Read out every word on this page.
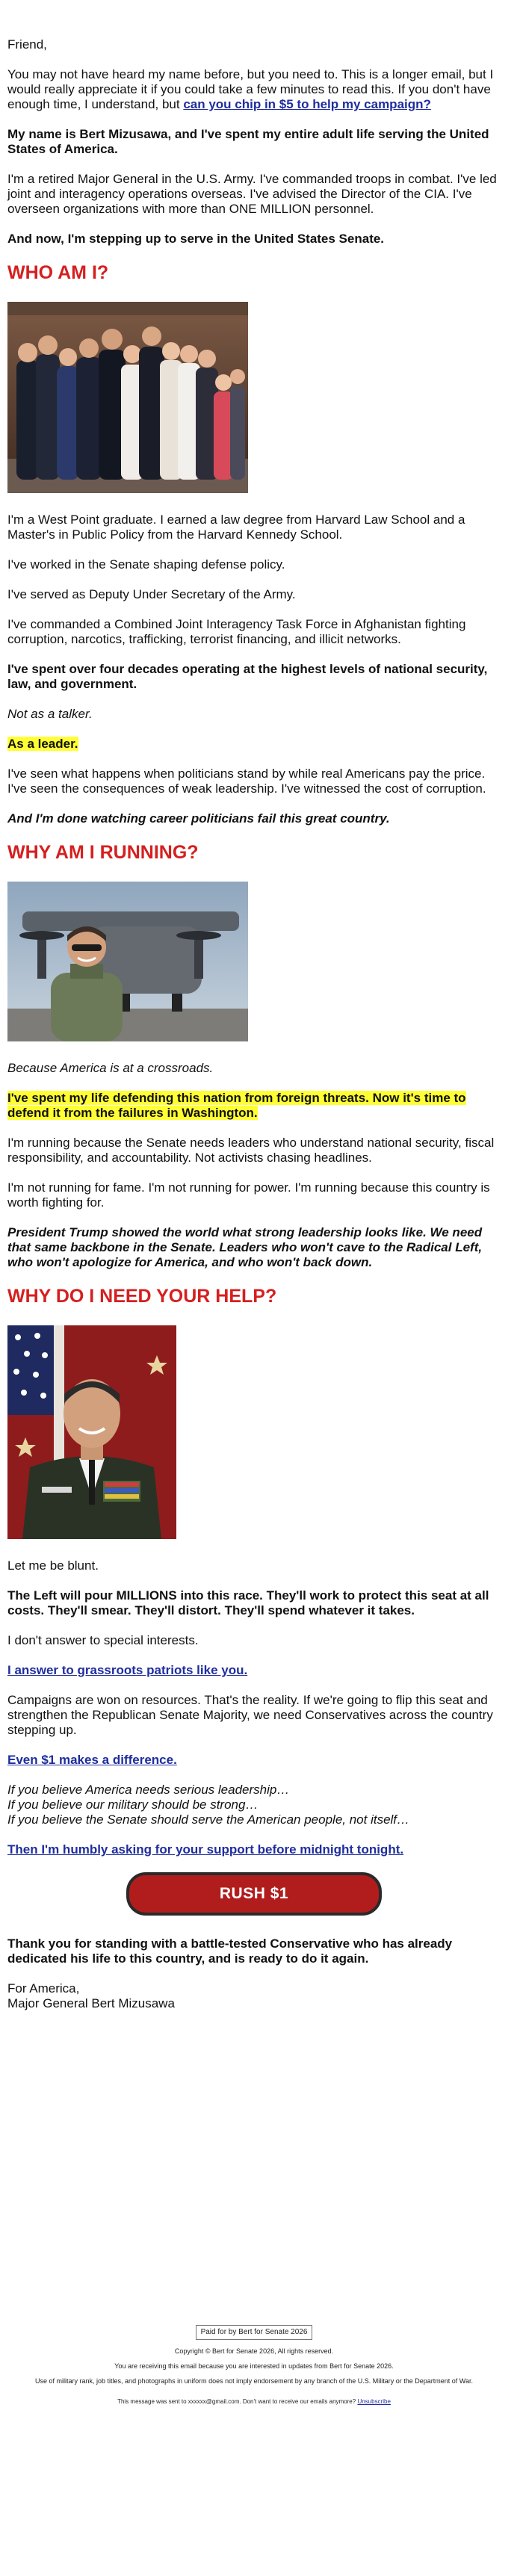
Friend,

You may not have heard my name before, but you need to. This is a longer email, but I would really appreciate it if you could take a few minutes to read this. If you don't have enough time, I understand, but can you chip in $5 to help my campaign?

My name is Bert Mizusawa, and I've spent my entire adult life serving the United States of America.

I'm a retired Major General in the U.S. Army. I've commanded troops in combat. I've led joint and interagency operations overseas. I've advised the Director of the CIA. I've overseen organizations with more than ONE MILLION personnel.

And now, I'm stepping up to serve in the United States Senate.

WHO AM I?

I'm a West Point graduate. I earned a law degree from Harvard Law School and a Master's in Public Policy from the Harvard Kennedy School.

I've worked in the Senate shaping defense policy.

I've served as Deputy Under Secretary of the Army.

I've commanded a Combined Joint Interagency Task Force in Afghanistan fighting corruption, narcotics, trafficking, terrorist financing, and illicit networks.

I've spent over four decades operating at the highest levels of national security, law, and government.

Not as a talker.

As a leader.

I've seen what happens when politicians stand by while real Americans pay the price. I've seen the consequences of weak leadership. I've witnessed the cost of corruption.

And I'm done watching career politicians fail this great country.

WHY AM I RUNNING?

Because America is at a crossroads.

I've spent my life defending this nation from foreign threats. Now it's time to defend it from the failures in Washington.

I'm running because the Senate needs leaders who understand national security, fiscal responsibility, and accountability. Not activists chasing headlines.

I'm not running for fame. I'm not running for power. I'm running because this country is worth fighting for.

President Trump showed the world what strong leadership looks like. We need that same backbone in the Senate. Leaders who won't cave to the Radical Left, who won't apologize for America, and who won't back down.

WHY DO I NEED YOUR HELP?

Let me be blunt.

The Left will pour MILLIONS into this race. They'll work to protect this seat at all costs. They'll smear. They'll distort. They'll spend whatever it takes.

I don't answer to special interests.

I answer to grassroots patriots like you.

Campaigns are won on resources. That's the reality. If we're going to flip this seat and strengthen the Republican Senate Majority, we need Conservatives across the country stepping up.

Even $1 makes a difference.

If you believe America needs serious leadership…
If you believe our military should be strong…
If you believe the Senate should serve the American people, not itself…

Then I'm humbly asking for your support before midnight tonight.

RUSH $1

Thank you for standing with a battle-tested Conservative who has already dedicated his life to this country, and is ready to do it again.

For America,
Major General Bert Mizusawa

Paid for by Bert for Senate 2026
Copyright © Bert for Senate 2026, All rights reserved.
You are receiving this email because you are interested in updates from Bert for Senate 2026.
Use of military rank, job titles, and photographs in uniform does not imply endorsement by any branch of the U.S. Military or the Department of War.
This message was sent to xxxxxx@gmail.com. Don't want to receive our emails anymore? Unsubscribe
